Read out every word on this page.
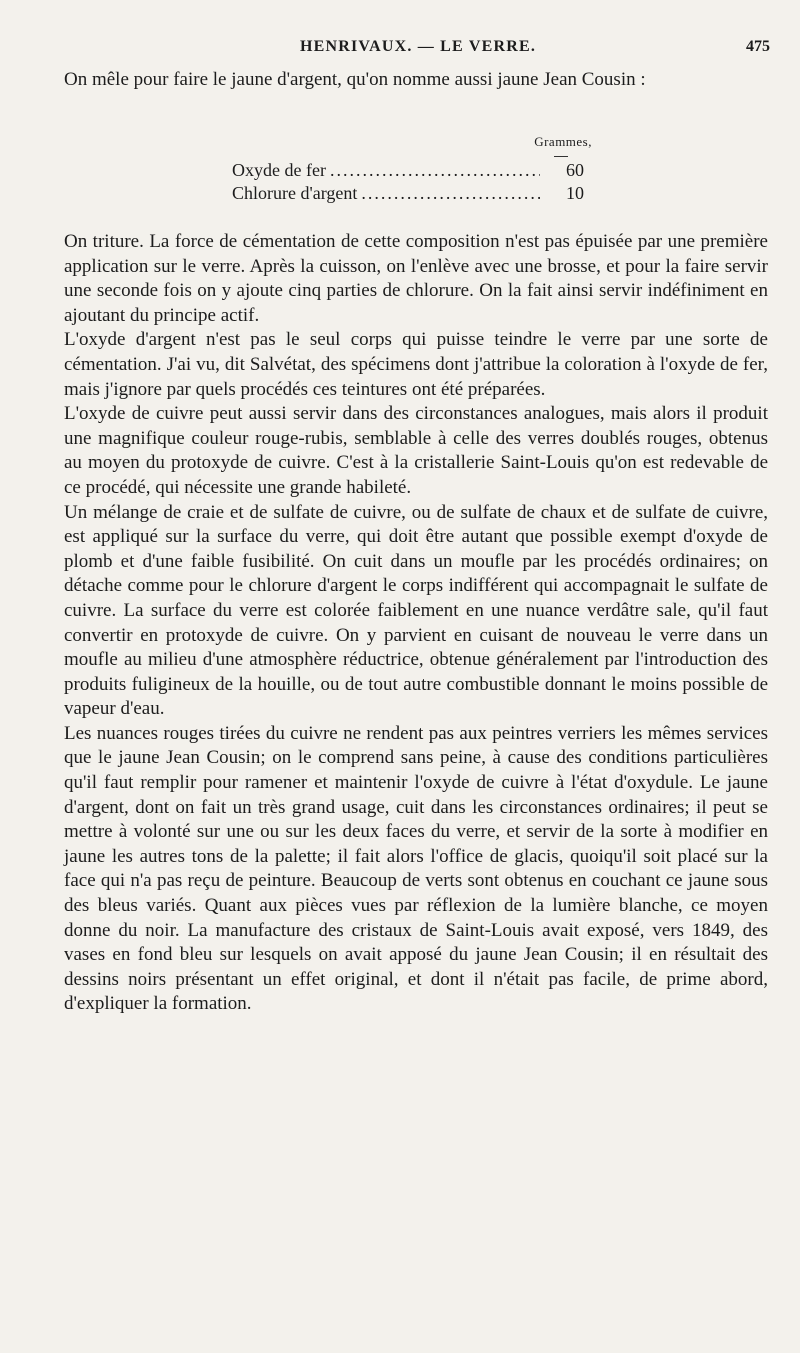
HENRIVAUX. — LE VERRE.	475

On mêle pour faire le jaune d'argent, qu'on nomme aussi jaune Jean Cousin :

Grammes,
Oxyde de fer .....	60
Chlorure d'argent .....	10

On triture. La force de cémentation de cette composition n'est pas épuisée par une première application sur le verre. Après la cuisson, on l'enlève avec une brosse, et pour la faire servir une seconde fois on y ajoute cinq parties de chlorure. On la fait ainsi servir indéfiniment en ajoutant du principe actif.

L'oxyde d'argent n'est pas le seul corps qui puisse teindre le verre par une sorte de cémentation. J'ai vu, dit Salvétat, des spécimens dont j'attribue la coloration à l'oxyde de fer, mais j'ignore par quels procédés ces teintures ont été préparées.

L'oxyde de cuivre peut aussi servir dans des circonstances analogues, mais alors il produit une magnifique couleur rouge-rubis, semblable à celle des verres doublés rouges, obtenus au moyen du protoxyde de cuivre. C'est à la cristallerie Saint-Louis qu'on est redevable de ce procédé, qui nécessite une grande habileté.

Un mélange de craie et de sulfate de cuivre, ou de sulfate de chaux et de sulfate de cuivre, est appliqué sur la surface du verre, qui doit être autant que possible exempt d'oxyde de plomb et d'une faible fusibilité. On cuit dans un moufle par les procédés ordinaires; on détache comme pour le chlorure d'argent le corps indifférent qui accompagnait le sulfate de cuivre. La surface du verre est colorée faiblement en une nuance verdâtre sale, qu'il faut convertir en protoxyde de cuivre. On y parvient en cuisant de nouveau le verre dans un moufle au milieu d'une atmosphère réductrice, obtenue généralement par l'introduction des produits fuligineux de la houille, ou de tout autre combustible donnant le moins possible de vapeur d'eau.

Les nuances rouges tirées du cuivre ne rendent pas aux peintres verriers les mêmes services que le jaune Jean Cousin; on le comprend sans peine, à cause des conditions particulières qu'il faut remplir pour ramener et maintenir l'oxyde de cuivre à l'état d'oxydule. Le jaune d'argent, dont on fait un très grand usage, cuit dans les circonstances ordinaires; il peut se mettre à volonté sur une ou sur les deux faces du verre, et servir de la sorte à modifier en jaune les autres tons de la palette; il fait alors l'office de glacis, quoiqu'il soit placé sur la face qui n'a pas reçu de peinture. Beaucoup de verts sont obtenus en couchant ce jaune sous des bleus variés. Quant aux pièces vues par réflexion de la lumière blanche, ce moyen donne du noir. La manufacture des cristaux de Saint-Louis avait exposé, vers 1849, des vases en fond bleu sur lesquels on avait apposé du jaune Jean Cousin; il en résultait des dessins noirs présentant un effet original, et dont il n'était pas facile, de prime abord, d'expliquer la formation.
